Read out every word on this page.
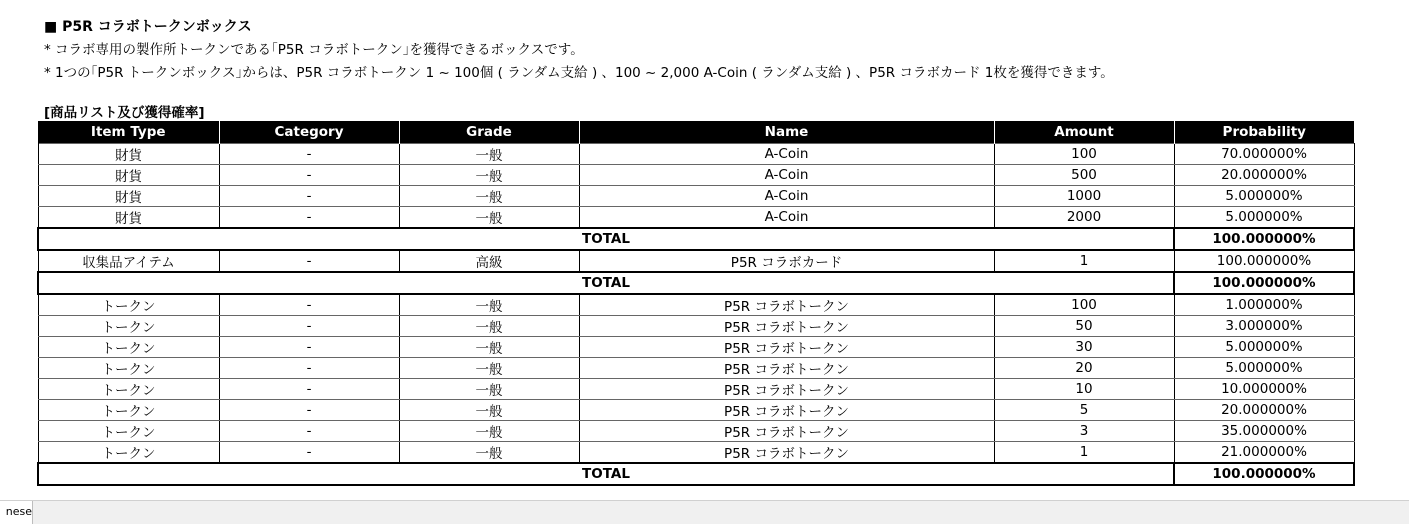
■ P5R コラボトークンボックス
* コラボ専用の製作所トークンである｢P5R コラボトークン｣を獲得できるボックスです。
* 1つの｢P5R トークンボックス｣からは、P5R コラボトークン 1 ~ 100個 ( ランダム支給 ) 、100 ~ 2,000 A-Coin ( ランダム支給 ) 、P5R コラボカード 1枚を獲得できます。
[商品リスト及び獲得確率]
Item Type	Category	Grade	Name	Amount	Probability
財貨	-	一般	A-Coin	100	70.000000%
財貨	-	一般	A-Coin	500	20.000000%
財貨	-	一般	A-Coin	1000	5.000000%
財貨	-	一般	A-Coin	2000	5.000000%
TOTAL					100.000000%
収集品アイテム	-	高級	P5R コラボカード	1	100.000000%
TOTAL					100.000000%
トークン	-	一般	P5R コラボトークン	100	1.000000%
トークン	-	一般	P5R コラボトークン	50	3.000000%
トークン	-	一般	P5R コラボトークン	30	5.000000%
トークン	-	一般	P5R コラボトークン	20	5.000000%
トークン	-	一般	P5R コラボトークン	10	10.000000%
トークン	-	一般	P5R コラボトークン	5	20.000000%
トークン	-	一般	P5R コラボトークン	3	35.000000%
トークン	-	一般	P5R コラボトークン	1	21.000000%
TOTAL					100.000000%
nese
